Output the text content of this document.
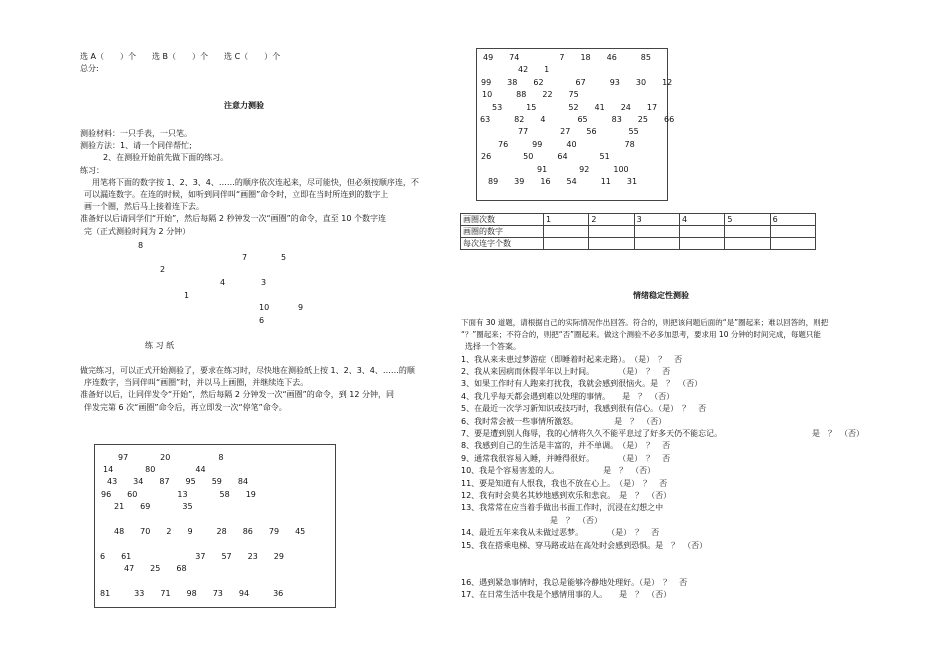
选 A（　　）个　　选 B（　　）个　　选 C（　　）个
总分:
注意力测验
测验材料：一只手表，一只笔。
测验方法：1、请一个同伴帮忙;
2、在测验开始前先做下面的练习。
练习：
用笔将下面的数字按 1、2、3、4、……的顺序依次连起来，尽可能快，但必须按顺序连，不
可以漏连数字。在连的时候，如听到同伴叫“画圈”命令时，立即在当时所连到的数字上
画一个圈，然后马上接着连下去。
准备好以后请同学们“开始”，然后每隔 2 秒钟发一次“画圈”的命令，直至 10 个数字连
完（正式测验时间为 2 分钟）
8
7	5
2
4	3
1
10	9
6
练 习 纸
做完练习，可以正式开始测验了，要求在练习时，尽快地在测验纸上按 1、2、3、4、……的顺
序连数字，当同伴叫“画圈”时，并以马上画圈，并继续连下去。
准备好以后，让同伴发令“开始”，然后每隔 2 分钟发一次“画圈”的命令，到 12 分钟，同
伴发完第 6 次“画圈”命令后，再立即发一次“停笔”命令。
97　　　　20　　　　　　8
14　　　　80　　　　　44
43　　34　　87　　95　　59　　84
96　　60　　　　　13　　　　58　　19
21　　69　　　　35
48　　70　　2　　9　　　28　　86　　79　　45
6　　61　　　　　　　　37　　57　　23　　29
47　　25　　68
81　　　33　　71　　98　　73　　94　　　36
49　　74　　　　　7　　18　　46　　　85
42　　1
99　　38　　62　　　　67　　　93　　30　　12
10　　　88　　22　　75
53　　　15　　　　52　　41　　24　　17
63　　　82　　4　　　　65　　　83　　25　　66
77　　　　27　　56　　　　55
76　　　99　　　40　　　　　　78
26　　　　50　　　64　　　　51
91　　　　92　　　100
89　　39　　16　　54　　　11　　31
画圈次数	1	2	3	4	5	6
画圈的数字						
每次连字个数						
情绪稳定性测验
下面有 30 道题，请根据自己的实际情况作出回答。符合的，则把该问题后面的“是”圈起来；难以回答的，则把
“？”圈起来；不符合的，则把“否”圈起来。做这个测验不必多加思考，要求用 10 分钟的时间完成，每题只能
选择一个答案。
1、我从来未患过梦游症（即睡着时起来走路）。　（是）　？　否
2、我从来因病而休假半年以上时间。　　　　（是）　？　否
3、如果工作时有人跑来打扰我，我就会感到很恼火。是　？　（否）
4、我几乎每天都会遇到难以处理的事情。　　是　？　（否）
5、在最近一次学习新知识或技巧时，我感到很有信心。（是）　？　否
6、我时常会被一些事情所激怒。　　　　　是　？　（否）
7、要是遭到别人侮辱，我的心情将久久不能平息过了好多天仍不能忘记。	是　？　（否）
8、我感到自己的生活是丰富的，并不单调。　（是）　？　否
9、通常我很容易入睡，并睡得很好。　　　　（是）　？　否
10、我是个容易害羞的人。　　　　　　是　？　（否）
11、要是知道有人恨我，我也不放在心上。　（是）　？　否
12、我有时会莫名其妙地感到欢乐和悲哀。　是　？　（否）
13、我常常在应当着手做出书面工作时，沉浸在幻想之中
是　？　（否）
14、最近五年来我从未做过恶梦。　　　　（是）　？　否
15、我在搭乘电梯、穿马路或站在高处时会感到恐惧。是　？　（否）
16、遇到紧急事情时，我总是能够冷静地处理好。（是）　？　否
17、在日常生活中我是个感情用事的人。　　是　？　（否）
